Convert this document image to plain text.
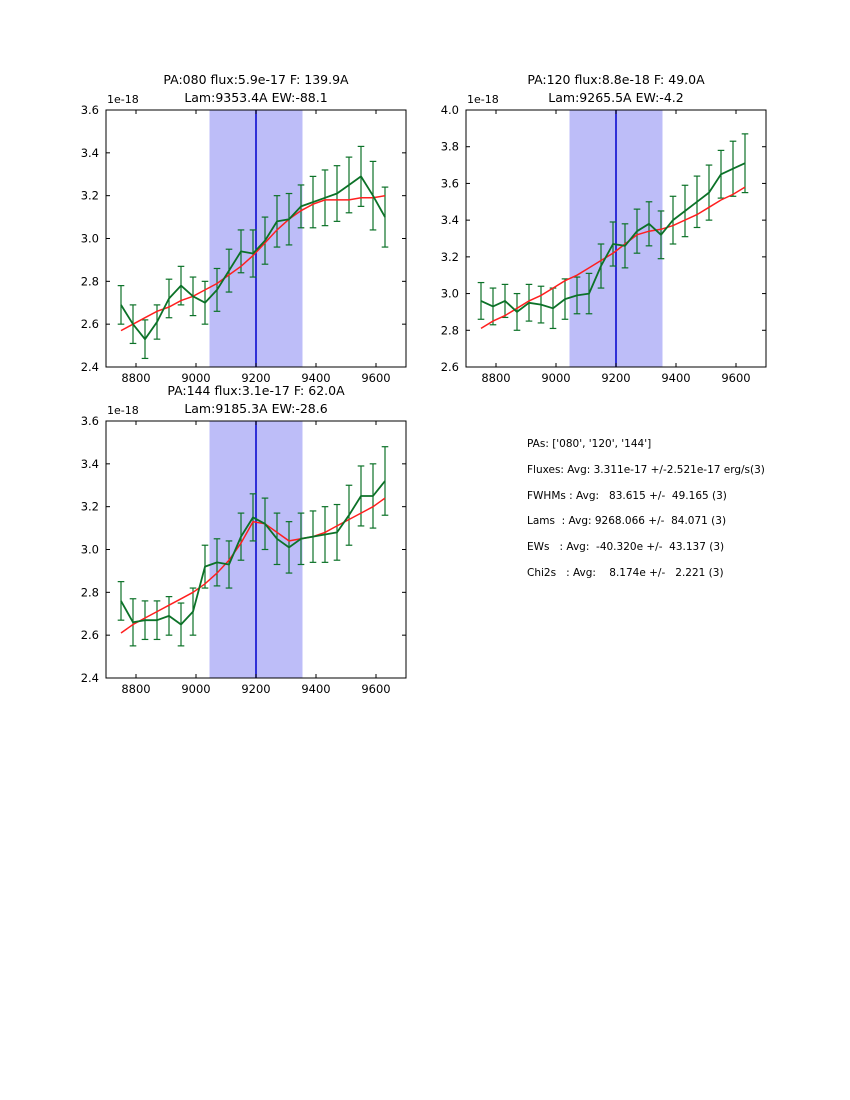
PA:080 flux:5.9e-17 F: 139.9A
Lam:9353.4A EW:-88.1
1e-18
8800	9000	9200	9400	9600
2.4
2.6
2.8
3.0
3.2
3.4
3.6
PA:120 flux:8.8e-18 F: 49.0A
Lam:9265.5A EW:-4.2
1e-18
8800	9000	9200	9400	9600
2.6
2.8
3.0
3.2
3.4
3.6
3.8
4.0
PA:144 flux:3.1e-17 F: 62.0A
Lam:9185.3A EW:-28.6
1e-18
8800	9000	9200	9400	9600
2.4
2.6
2.8
3.0
3.2
3.4
3.6
PAs: ['080', '120', '144']
Fluxes: Avg: 3.311e-17 +/-2.521e-17 erg/s(3)
FWHMs : Avg:   83.615 +/-  49.165 (3)
Lams  : Avg: 9268.066 +/-  84.071 (3)
EWs   : Avg:  -40.320e +/-  43.137 (3)
Chi2s   : Avg:    8.174e +/-   2.221 (3)
